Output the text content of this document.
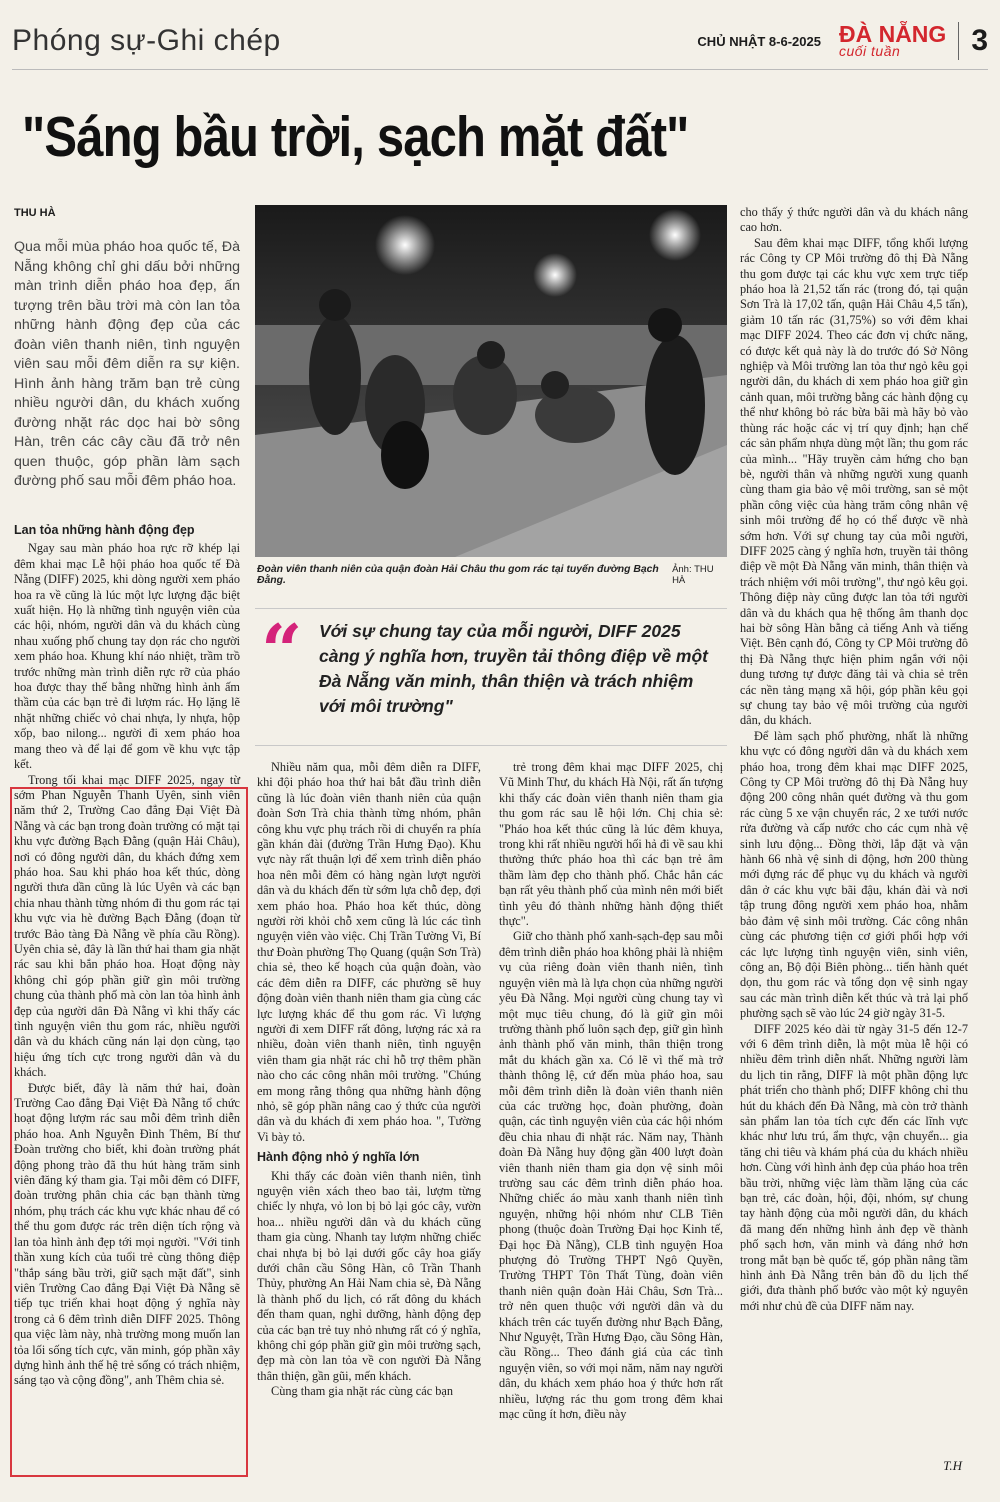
Phóng sự-Ghi chép	CHỦ NHẬT 8-6-2025 ĐÀ NẴNG
cuối tuần	3
"Sáng bầu trời, sạch mặt đất"
THU HÀ
Qua mỗi mùa pháo hoa quốc tế, Đà Nẵng không chỉ ghi dấu bởi những màn trình diễn pháo hoa đẹp, ấn tượng trên bầu trời mà còn lan tỏa những hành động đẹp của các đoàn viên thanh niên, tình nguyện viên sau mỗi đêm diễn ra sự kiện. Hình ảnh hàng trăm bạn trẻ cùng nhiều người dân, du khách xuống đường nhặt rác dọc hai bờ sông Hàn, trên các cây cầu đã trở nên quen thuộc, góp phần làm sạch đường phố sau mỗi đêm pháo hoa.
Lan tỏa những hành động đẹp

Ngay sau màn pháo hoa rực rỡ khép lại đêm khai mạc Lễ hội pháo hoa quốc tế Đà Nẵng (DIFF) 2025, khi dòng người xem pháo hoa ra về cũng là lúc một lực lượng đặc biệt xuất hiện. Họ là những tình nguyện viên của các hội, nhóm, người dân và du khách cùng nhau xuống phố chung tay dọn rác cho người xem pháo hoa. Khung khí náo nhiệt, trầm trồ trước những màn trình diễn rực rỡ của pháo hoa được thay thế bằng những hình ảnh ấm thầm của các bạn trẻ đi lượm rác. Họ lặng lẽ nhặt những chiếc vỏ chai nhựa, ly nhựa, hộp xốp, bao nilong... người đi xem pháo hoa mang theo và để lại để gom về khu vực tập kết.

Trong tối khai mạc DIFF 2025, ngay từ sớm Phan Nguyễn Thanh Uyên, sinh viên năm thứ 2, Trường Cao đẳng Đại Việt Đà Nẵng và các bạn trong đoàn trường có mặt tại khu vực đường Bạch Đằng (quận Hải Châu), nơi có đông người dân, du khách đứng xem pháo hoa. Sau khi pháo hoa kết thúc, dòng người thưa dần cũng là lúc Uyên và các bạn chia nhau thành từng nhóm đi thu gom rác tại khu vực via hè đường Bạch Đằng (đoạn từ trước Bảo tàng Đà Nẵng về phía cầu Rồng). Uyên chia sẻ, đây là lần thứ hai tham gia nhặt rác sau khi bắn pháo hoa. Hoạt động này không chỉ góp phần giữ gìn môi trường chung của thành phố mà còn lan tỏa hình ảnh đẹp của người dân Đà Nẵng vì khi thấy các tình nguyện viên thu gom rác, nhiều người dân và du khách cũng nán lại dọn cùng, tạo hiệu ứng tích cực trong người dân và du khách.

Được biết, đây là năm thứ hai, đoàn Trường Cao đẳng Đại Việt Đà Nẵng tổ chức hoạt động lượm rác sau mỗi đêm trình diễn pháo hoa. Anh Nguyễn Đình Thêm, Bí thư Đoàn trường cho biết, khi đoàn trường phát động phong trào đã thu hút hàng trăm sinh viên đăng ký tham gia. Tại mỗi đêm có DIFF, đoàn trường phân chia các bạn thành từng nhóm, phụ trách các khu vực khác nhau để có thể thu gom được rác trên diện tích rộng và lan tỏa hình ảnh đẹp tới mọi người. "Với tinh thần xung kích của tuổi trẻ cùng thông điệp "thắp sáng bầu trời, giữ sạch mặt đất", sinh viên Trường Cao đẳng Đại Việt Đà Nẵng sẽ tiếp tục triển khai hoạt động ý nghĩa này trong cả 6 đêm trình diễn DIFF 2025. Thông qua việc làm này, nhà trường mong muốn lan tỏa lối sống tích cực, văn minh, góp phần xây dựng hình ảnh thế hệ trẻ sống có trách nhiệm, sáng tạo và cộng đồng", anh Thêm chia sẻ.

Đoàn viên thanh niên của quận đoàn Hải Châu thu gom rác tại tuyến đường Bạch Đằng.
Ảnh: THU HÀ
“ Với sự chung tay của mỗi người, DIFF 2025 càng ý nghĩa hơn, truyền tải thông điệp về một Đà Nẵng văn minh, thân thiện và trách nhiệm với môi trường"

Nhiều năm qua, mỗi đêm diễn ra DIFF, khi đội pháo hoa thứ hai bắt đầu trình diễn cũng là lúc đoàn viên thanh niên của quận đoàn Sơn Trà chia thành từng nhóm, phân công khu vực phụ trách rồi di chuyển ra phía gần khán đài (đường Trần Hưng Đạo). Khu vực này rất thuận lợi để xem trình diễn pháo hoa nên mỗi đêm có hàng ngàn lượt người dân và du khách đến từ sớm lựa chỗ đẹp, đợi xem pháo hoa. Pháo hoa kết thúc, dòng người rời khỏi chỗ xem cũng là lúc các tình nguyện viên vào việc. Chị Trần Tường Vi, Bí thư Đoàn phường Thọ Quang (quận Sơn Trà) chia sẻ, theo kế hoạch của quận đoàn, vào các đêm diễn ra DIFF, các phường sẽ huy động đoàn viên thanh niên tham gia cùng các lực lượng khác để thu gom rác. Vì lượng người đi xem DIFF rất đông, lượng rác xả ra nhiều, đoàn viên thanh niên, tình nguyện viên tham gia nhặt rác chỉ hỗ trợ thêm phần nào cho các công nhân môi trường. "Chúng em mong rằng thông qua những hành động nhỏ, sẽ góp phần nâng cao ý thức của người dân và du khách đi xem pháo hoa. ", Tường Vi bày tỏ.

Hành động nhỏ ý nghĩa lớn

Khi thấy các đoàn viên thanh niên, tình nguyện viên xách theo bao tải, lượm từng chiếc ly nhựa, vỏ lon bị bỏ lại góc cây, vườn hoa... nhiều người dân và du khách cũng tham gia cùng. Nhanh tay lượm những chiếc chai nhựa bị bỏ lại dưới gốc cây hoa giấy dưới chân cầu Sông Hàn, cô Trần Thanh Thủy, phường An Hải Nam chia sẻ, Đà Nẵng là thành phố du lịch, có rất đông du khách đến tham quan, nghỉ dưỡng, hành động đẹp của các bạn trẻ tuy nhỏ nhưng rất có ý nghĩa, không chỉ góp phần giữ gìn môi trường sạch, đẹp mà còn lan tỏa về con người Đà Nẵng thân thiện, gần gũi, mến khách.

Cùng tham gia nhặt rác cùng các bạn

trẻ trong đêm khai mạc DIFF 2025, chị Vũ Minh Thư, du khách Hà Nội, rất ấn tượng khi thấy các đoàn viên thanh niên tham gia thu gom rác sau lễ hội lớn. Chị chia sẻ: "Pháo hoa kết thúc cũng là lúc đêm khuya, trong khi rất nhiều người hối hả đi về sau khi thưởng thức pháo hoa thì các bạn trẻ âm thầm làm đẹp cho thành phố. Chắc hẳn các bạn rất yêu thành phố của mình nên mới biết tình yêu đó thành những hành động thiết thực".

Giữ cho thành phố xanh-sạch-đẹp sau mỗi đêm trình diễn pháo hoa không phải là nhiệm vụ của riêng đoàn viên thanh niên, tình nguyện viên mà là lựa chọn của những người yêu Đà Nẵng. Mọi người cùng chung tay vì một mục tiêu chung, đó là giữ gìn môi trường thành phố luôn sạch đẹp, giữ gìn hình ảnh thành phố văn minh, thân thiện trong mắt du khách gần xa. Có lẽ vì thế mà trở thành thông lệ, cứ đến mùa pháo hoa, sau mỗi đêm trình diễn là đoàn viên thanh niên của các trường học, đoàn phường, đoàn quận, các tình nguyện viên của các hội nhóm đều chia nhau đi nhặt rác. Năm nay, Thành đoàn Đà Nẵng huy động gần 400 lượt đoàn viên thanh niên tham gia dọn vệ sinh môi trường sau các đêm trình diễn pháo hoa. Những chiếc áo màu xanh thanh niên tình nguyện, những hội nhóm như CLB Tiên phong (thuộc đoàn Trường Đại học Kinh tế, Đại học Đà Nẵng), CLB tình nguyện Hoa phượng đỏ Trường THPT Ngô Quyền, Trường THPT Tôn Thất Tùng, đoàn viên thanh niên quận đoàn Hải Châu, Sơn Trà... trở nên quen thuộc với người dân và du khách trên các tuyến đường như Bạch Đằng, Như Nguyệt, Trần Hưng Đạo, cầu Sông Hàn, cầu Rồng... Theo đánh giá của các tình nguyện viên, so với mọi năm, năm nay người dân, du khách xem pháo hoa ý thức hơn rất nhiều, lượng rác thu gom trong đêm khai mạc cũng ít hơn, điều này

cho thấy ý thức người dân và du khách nâng cao hơn.

Sau đêm khai mạc DIFF, tổng khối lượng rác Công ty CP Môi trường đô thị Đà Nẵng thu gom được tại các khu vực xem trực tiếp pháo hoa là 21,52 tấn rác (trong đó, tại quận Sơn Trà là 17,02 tấn, quận Hải Châu 4,5 tấn), giảm 10 tấn rác (31,75%) so với đêm khai mạc DIFF 2024. Theo các đơn vị chức năng, có được kết quả này là do trước đó Sở Nông nghiệp và Môi trường lan tỏa thư ngỏ kêu gọi người dân, du khách di xem pháo hoa giữ gìn cảnh quan, môi trường bằng các hành động cụ thể như không bỏ rác bừa bãi mà hãy bỏ vào thùng rác hoặc các vị trí quy định; hạn chế các sản phẩm nhựa dùng một lần; thu gom rác của mình... "Hãy truyền cảm hứng cho bạn bè, người thân và những người xung quanh cùng tham gia bảo vệ môi trường, san sẻ một phần công việc của hàng trăm công nhân vệ sinh môi trường để họ có thể được về nhà sớm hơn. Với sự chung tay của mỗi người, DIFF 2025 càng ý nghĩa hơn, truyền tải thông điệp về một Đà Nẵng văn minh, thân thiện và trách nhiệm với môi trường", thư ngỏ kêu gọi. Thông điệp này cũng được lan tỏa tới người dân và du khách qua hệ thống âm thanh dọc hai bờ sông Hàn bằng cả tiếng Anh và tiếng Việt. Bên cạnh đó, Công ty CP Môi trường đô thị Đà Nẵng thực hiện phim ngắn với nội dung tương tự được đăng tải và chia sẻ trên các nền tảng mạng xã hội, góp phần kêu gọi sự chung tay bảo vệ môi trường của người dân, du khách.

Để làm sạch phố phường, nhất là những khu vực có đông người dân và du khách xem pháo hoa, trong đêm khai mạc DIFF 2025, Công ty CP Môi trường đô thị Đà Nẵng huy động 200 công nhân quét đường và thu gom rác cùng 5 xe vận chuyển rác, 2 xe tưới nước rửa đường và cấp nước cho các cụm nhà vệ sinh lưu động... Đồng thời, lắp đặt và vận hành 66 nhà vệ sinh di động, hơn 200 thùng mới đựng rác để phục vụ du khách và người dân ở các khu vực bãi đậu, khán đài và nơi tập trung đông người xem pháo hoa, nhằm bảo đảm vệ sinh môi trường. Các công nhân cùng các phương tiện cơ giới phối hợp với các lực lượng tình nguyện viên, sinh viên, công an, Bộ đội Biên phòng... tiến hành quét dọn, thu gom rác và tổng dọn vệ sinh ngay sau các màn trình diễn kết thúc và trả lại phố phường sạch sẽ vào lúc 24 giờ ngày 31-5.

DIFF 2025 kéo dài từ ngày 31-5 đến 12-7 với 6 đêm trình diễn, là một mùa lễ hội có nhiều đêm trình diễn nhất. Những người làm du lịch tin rằng, DIFF là một phần động lực phát triển cho thành phố; DIFF không chỉ thu hút du khách đến Đà Nẵng, mà còn trở thành sản phẩm lan tỏa tích cực đến các lĩnh vực khác như lưu trú, ẩm thực, vận chuyển... gia tăng chi tiêu và khám phá của du khách nhiều hơn. Cùng với hình ảnh đẹp của pháo hoa trên bầu trời, những việc làm thầm lặng của các bạn trẻ, các đoàn, hội, đội, nhóm, sự chung tay hành động của mỗi người dân, du khách đã mang đến những hình ảnh đẹp về thành phố sạch hơn, văn minh và đáng nhớ hơn trong mắt bạn bè quốc tế, góp phần nâng tầm hình ảnh Đà Nẵng trên bản đồ du lịch thế giới, đưa thành phố bước vào một kỷ nguyên mới như chủ đề của DIFF năm nay.

T.H
